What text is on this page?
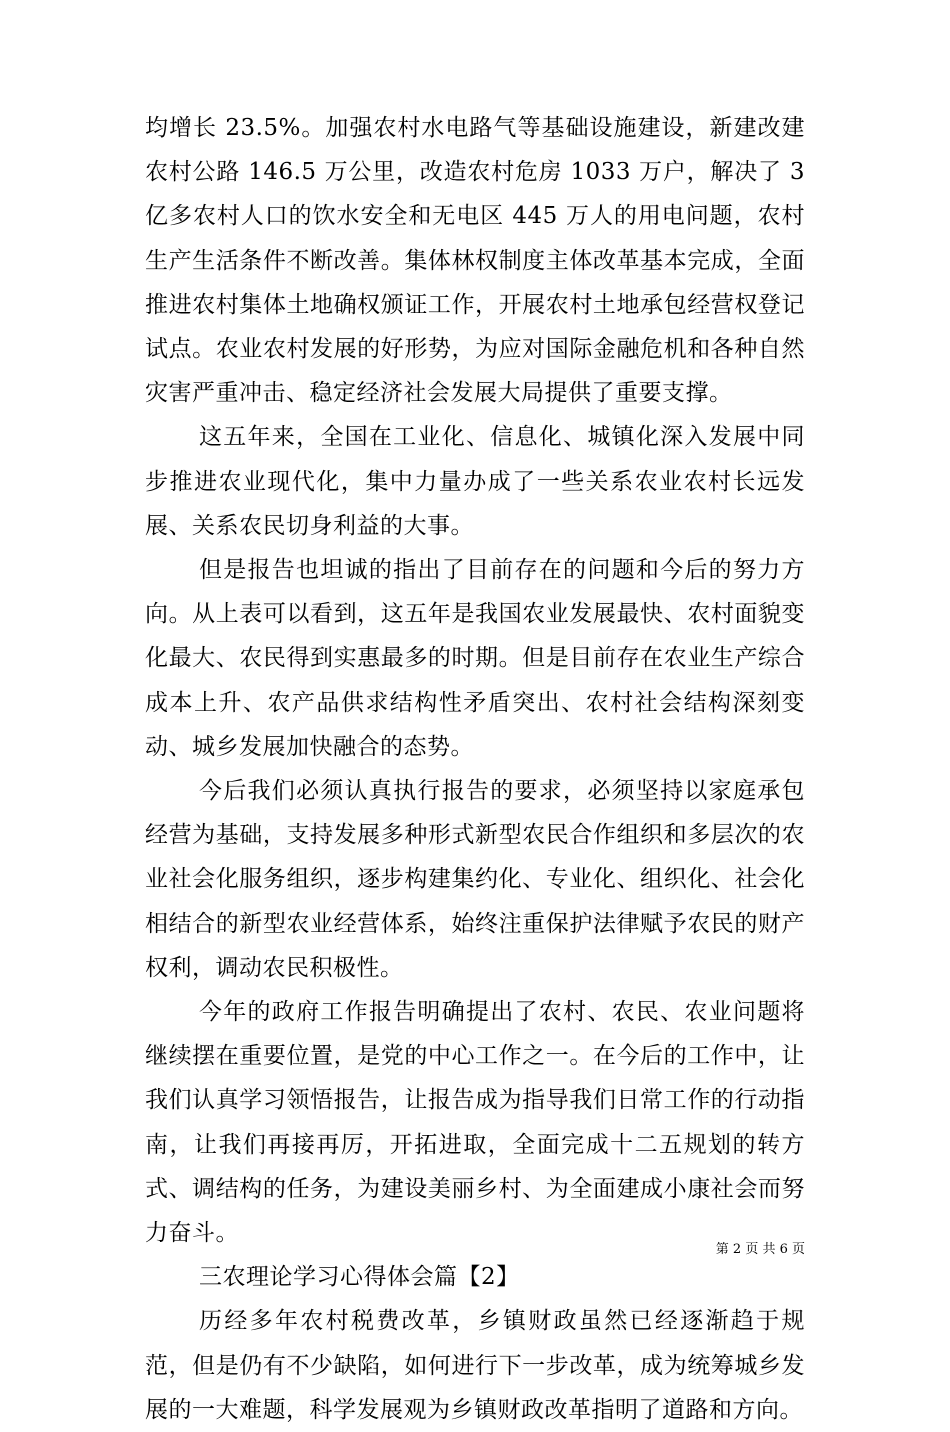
均增长 23.5%。加强农村水电路气等基础设施建设，新建改建农村公路 146.5 万公里，改造农村危房 1033 万户，解决了 3 亿多农村人口的饮水安全和无电区 445 万人的用电问题，农村生产生活条件不断改善。集体林权制度主体改革基本完成，全面推进农村集体土地确权颁证工作，开展农村土地承包经营权登记试点。农业农村发展的好形势，为应对国际金融危机和各种自然灾害严重冲击、稳定经济社会发展大局提供了重要支撑。

这五年来，全国在工业化、信息化、城镇化深入发展中同步推进农业现代化，集中力量办成了一些关系农业农村长远发展、关系农民切身利益的大事。

但是报告也坦诚的指出了目前存在的问题和今后的努力方向。从上表可以看到，这五年是我国农业发展最快、农村面貌变化最大、农民得到实惠最多的时期。但是目前存在农业生产综合成本上升、农产品供求结构性矛盾突出、农村社会结构深刻变动、城乡发展加快融合的态势。

今后我们必须认真执行报告的要求，必须坚持以家庭承包经营为基础，支持发展多种形式新型农民合作组织和多层次的农业社会化服务组织，逐步构建集约化、专业化、组织化、社会化相结合的新型农业经营体系，始终注重保护法律赋予农民的财产权利，调动农民积极性。

今年的政府工作报告明确提出了农村、农民、农业问题将继续摆在重要位置，是党的中心工作之一。在今后的工作中，让我们认真学习领悟报告，让报告成为指导我们日常工作的行动指南，让我们再接再厉，开拓进取，全面完成十二五规划的转方式、调结构的任务，为建设美丽乡村、为全面建成小康社会而努力奋斗。

三农理论学习心得体会篇【2】

历经多年农村税费改革，乡镇财政虽然已经逐渐趋于规范，但是仍有不少缺陷，如何进行下一步改革，成为统筹城乡发展的一大难题，科学发展观为乡镇财政改革指明了道路和方向。

第 2 页 共 6 页
